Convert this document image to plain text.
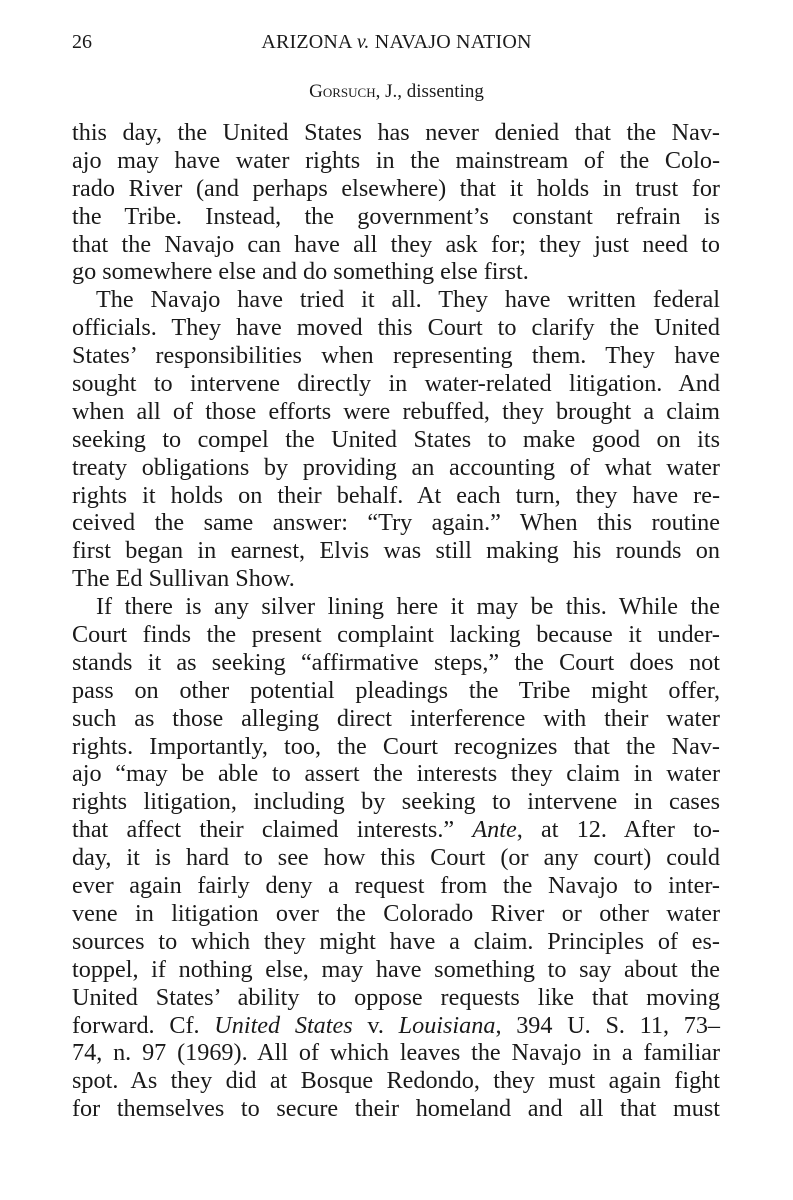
26	ARIZONA v. NAVAJO NATION
Gorsuch, J., dissenting
this day, the United States has never denied that the Nav-
ajo may have water rights in the mainstream of the Colo-
rado River (and perhaps elsewhere) that it holds in trust for
the Tribe. Instead, the government’s constant refrain is
that the Navajo can have all they ask for; they just need to
go somewhere else and do something else first.
The Navajo have tried it all. They have written federal
officials. They have moved this Court to clarify the United
States’ responsibilities when representing them. They have
sought to intervene directly in water-related litigation. And
when all of those efforts were rebuffed, they brought a claim
seeking to compel the United States to make good on its
treaty obligations by providing an accounting of what water
rights it holds on their behalf. At each turn, they have re-
ceived the same answer: “Try again.” When this routine
first began in earnest, Elvis was still making his rounds on
The Ed Sullivan Show.
If there is any silver lining here it may be this. While the
Court finds the present complaint lacking because it under-
stands it as seeking “affirmative steps,” the Court does not
pass on other potential pleadings the Tribe might offer,
such as those alleging direct interference with their water
rights. Importantly, too, the Court recognizes that the Nav-
ajo “may be able to assert the interests they claim in water
rights litigation, including by seeking to intervene in cases
that affect their claimed interests.” Ante, at 12. After to-
day, it is hard to see how this Court (or any court) could
ever again fairly deny a request from the Navajo to inter-
vene in litigation over the Colorado River or other water
sources to which they might have a claim. Principles of es-
toppel, if nothing else, may have something to say about the
United States’ ability to oppose requests like that moving
forward. Cf. United States v. Louisiana, 394 U. S. 11, 73–
74, n. 97 (1969). All of which leaves the Navajo in a familiar
spot. As they did at Bosque Redondo, they must again fight
for themselves to secure their homeland and all that must
